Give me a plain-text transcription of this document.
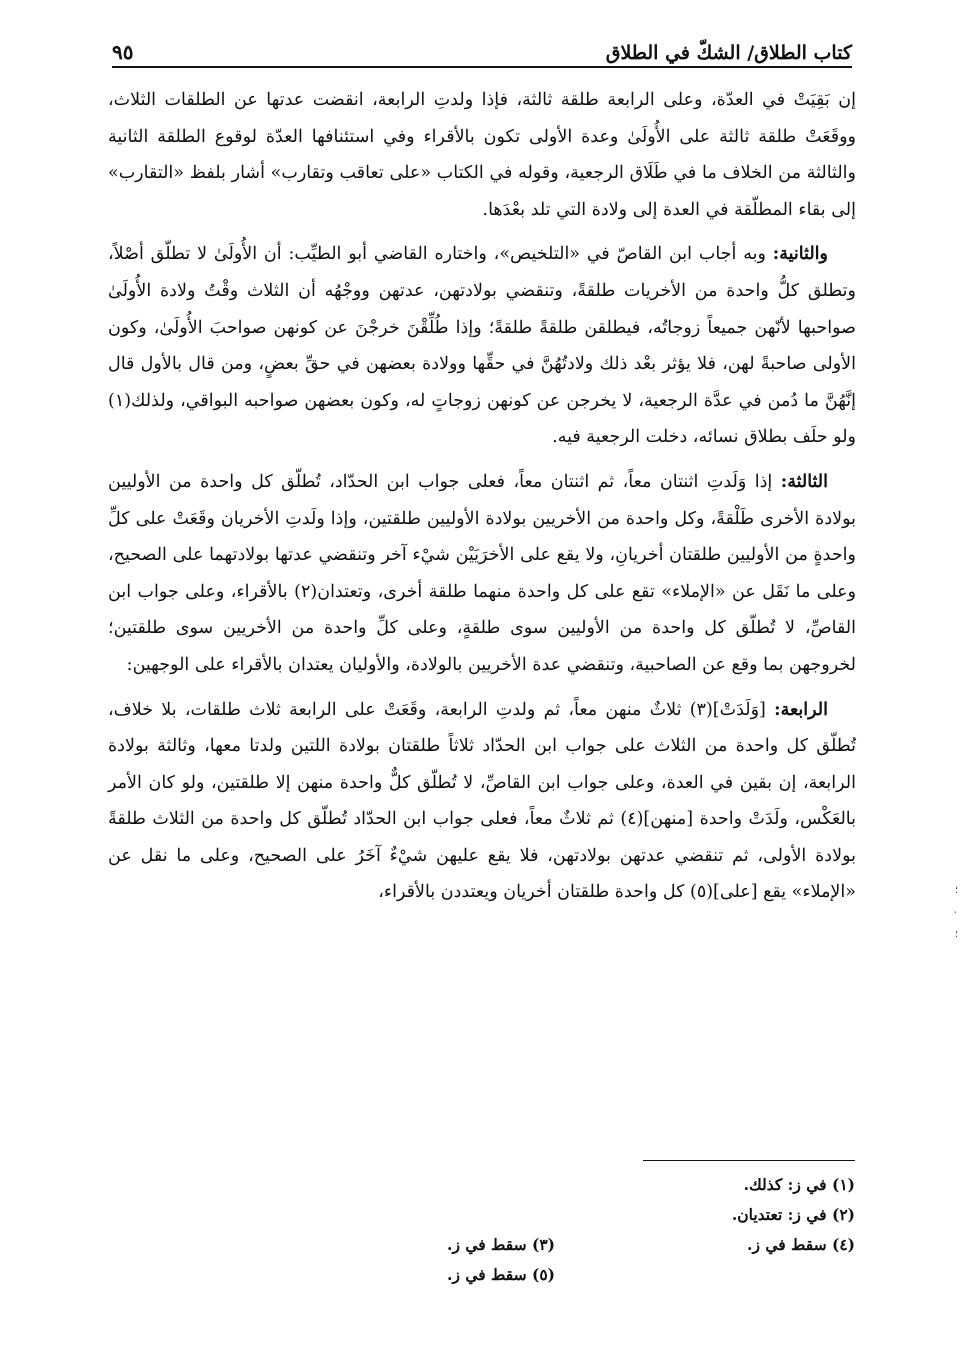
كتاب الطلاق/ الشكّ في الطلاق
٩٥

إن بَقِيَتْ في العدّة، وعلى الرابعة طلقة ثالثة، فإذا ولدتِ الرابعة، انقضت عدتها عن الطلقات الثلاث، ووقَعَتْ طلقة ثالثة على الأُولَىٰ وعدة الأولى تكون بالأقراء وفي استئنافها العدّة لوقوع الطلقة الثانية والثالثة من الخلاف ما في طَلَاق الرجعية، وقوله في الكتاب «على تعاقب وتقارب» أشار بلفظ «التقارب» إلى بقاء المطلّقة في العدة إلى ولادة التي تلد بعْدَها.

والثانية: وبه أجاب ابن القاصّ في «التلخيص»، واختاره القاضي أبو الطيِّب: أن الأُولَىٰ لا تطلّق أصْلاً، وتطلق كلُّ واحدة من الأخريات طلقةً، وتنقضي بولادتهن، عدتهن ووجْهُه أن الثلاث وقْتُ ولادة الأُولَىٰ صواحبها لأنّهن جميعاً زوجاتُه، فيطلقن طلقةً طلقةً؛ وإذا طُلِّقْنَ خرجْنَ عن كونهن صواحبَ الأُولَىٰ، وكون الأولى صاحبةً لهن، فلا يؤثر بعْد ذلك ولادتُهُنَّ في حقِّها وولادة بعضهن في حقِّ بعضٍ، ومن قال بالأول قال إنَّهُنَّ ما دُمن في عدَّة الرجعية، لا يخرجن عن كونهن زوجاتٍ له، وكون بعضهن صواحبه البواقي، ولذلك(١) ولو حلَف بطلاق نسائه، دخلت الرجعية فيه.

الثالثة: إذا وَلَدتِ اثنتان معاً، ثم اثنتان معاً، فعلى جواب ابن الحدّاد، تُطلّق كل واحدة من الأوليين بولادة الأخرى طَلْقةً، وكل واحدة من الأخريين بولادة الأوليين طلقتين، وإذا ولَدتِ الأخريان وقَعَتْ على كلِّ واحدةٍ من الأوليين طلقتان أخريانِ، ولا يقع على الأخرَيَيْن شيْء آخر وتنقضي عدتها بولادتهما على الصحيح، وعلى ما نَقَل عن «الإملاء» تقع على كل واحدة منهما طلقة أخرى، وتعتدان(٢) بالأقراء، وعلى جواب ابن القاصِّ، لا تُطلّق كل واحدة من الأوليين سوى طلقةٍ، وعلى كلِّ واحدة من الأخريين سوى طلقتين؛ لخروجهن بما وقع عن الصاحبية، وتنقضي عدة الأخريين بالولادة، والأوليان يعتدان بالأقراء على الوجهين:

الرابعة: [وَلَدَتْ](٣) ثلاثٌ منهن معاً، ثم ولدتِ الرابعة، وقَعَتْ على الرابعة ثلاث طلقات، بلا خلاف، تُطلّق كل واحدة من الثلاث على جواب ابن الحدّاد ثلاثاً طلقتان بولادة اللتين ولدتا معها، وثالثة بولادة الرابعة، إن بقين في العدة، وعلى جواب ابن القاصِّ، لا تُطلّق كلٌّ واحدة منهن إلا طلقتين، ولو كان الأمر بالعَكْس، ولَدَتْ واحدة [منهن](٤) ثم ثلاثٌ معاً، فعلى جواب ابن الحدّاد تُطلّق كل واحدة من الثلاث طلقةً بولادة الأولى، ثم تنقضي عدتهن بولادتهن، فلا يقع عليهن شيْءٌ آخَرُ على الصحيح، وعلى ما نقل عن «الإملاء» يقع [على](٥) كل واحدة طلقتان أخريان ويعتددن بالأقراء،

(١) في ز: كذلك.
(٢) في ز: تعتديان.
(٤) سقط في ز.
(٣) سقط في ز.
(٥) سقط في ز.
؛ ٠ ؛
